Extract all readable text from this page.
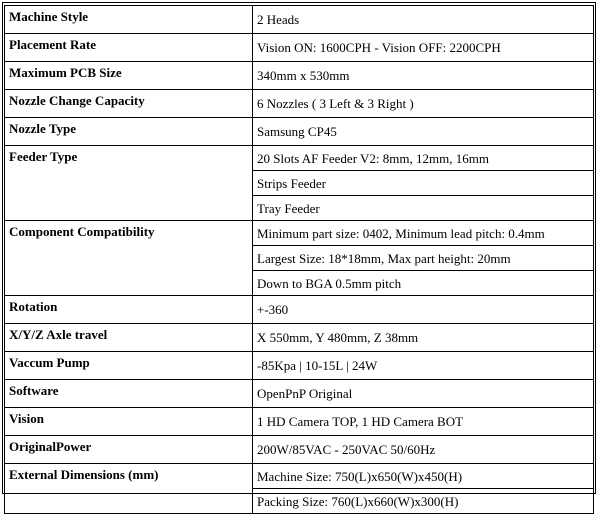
Machine Style	2 Heads
Placement Rate	Vision ON: 1600CPH - Vision OFF: 2200CPH
Maximum PCB Size	340mm x 530mm
Nozzle Change Capacity	6 Nozzles ( 3 Left & 3 Right )
Nozzle Type	Samsung CP45
Feeder Type	20 Slots AF Feeder V2: 8mm, 12mm, 16mm
	Strips Feeder
	Tray Feeder
Component Compatibility	Minimum part size: 0402, Minimum lead pitch: 0.4mm
	Largest Size: 18*18mm, Max part height: 20mm
	Down to BGA 0.5mm pitch
Rotation	+-360
X/Y/Z Axle travel	X 550mm, Y 480mm, Z 38mm
Vaccum Pump	-85Kpa | 10-15L | 24W
Software	OpenPnP Original
Vision	1 HD Camera TOP, 1 HD Camera BOT
OriginalPower	200W/85VAC - 250VAC 50/60Hz
External Dimensions (mm)	Machine Size: 750(L)x650(W)x450(H)
	Packing Size: 760(L)x660(W)x300(H)
